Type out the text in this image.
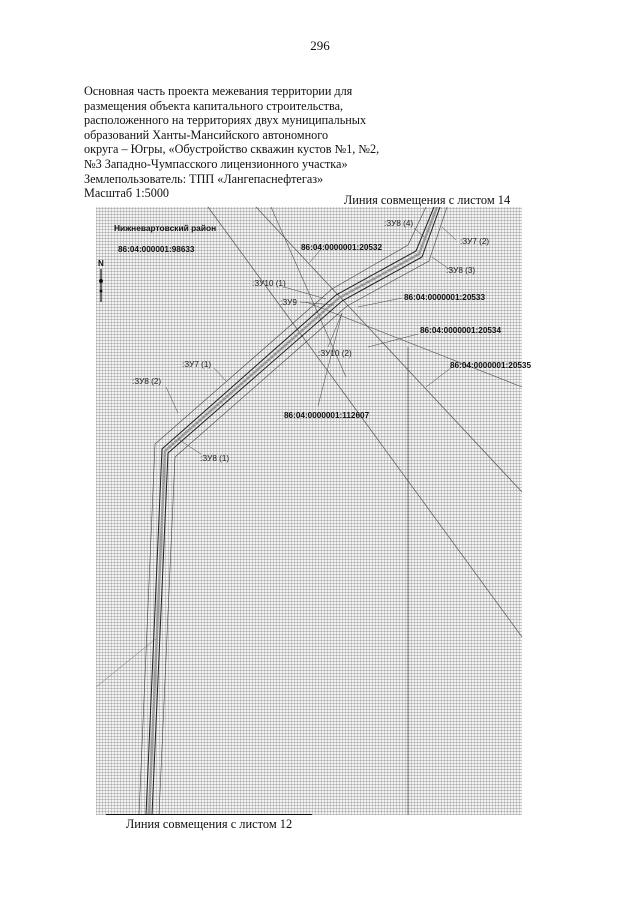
296
Основная часть проекта межевания территории для
размещения объекта капитального строительства,
расположенного на территориях двух муниципальных
образований Ханты-Мансийского автономного
округа – Югры, «Обустройство скважин кустов №1, №2,
№3 Западно-Чумпасского лицензионного участка»
Землепользователь: ТПП «Лангепаснефтегаз»
Масштаб 1:5000	Линия совмещения с листом 14
N
Нижневартовский район
86:04:000001:98633	86:04:0000001:20532
86:04:0000001:20533
86:04:0000001:20534
86:04:0000001:20535
86:04:0000001:112607
:ЗУ8 (4)
:ЗУ7 (2)
:ЗУ8 (3)
:ЗУ10 (1)
:ЗУ9
:ЗУ10 (2)
:ЗУ7 (1)
:ЗУ8 (2)
:ЗУ8 (1)
Линия совмещения с листом 12
